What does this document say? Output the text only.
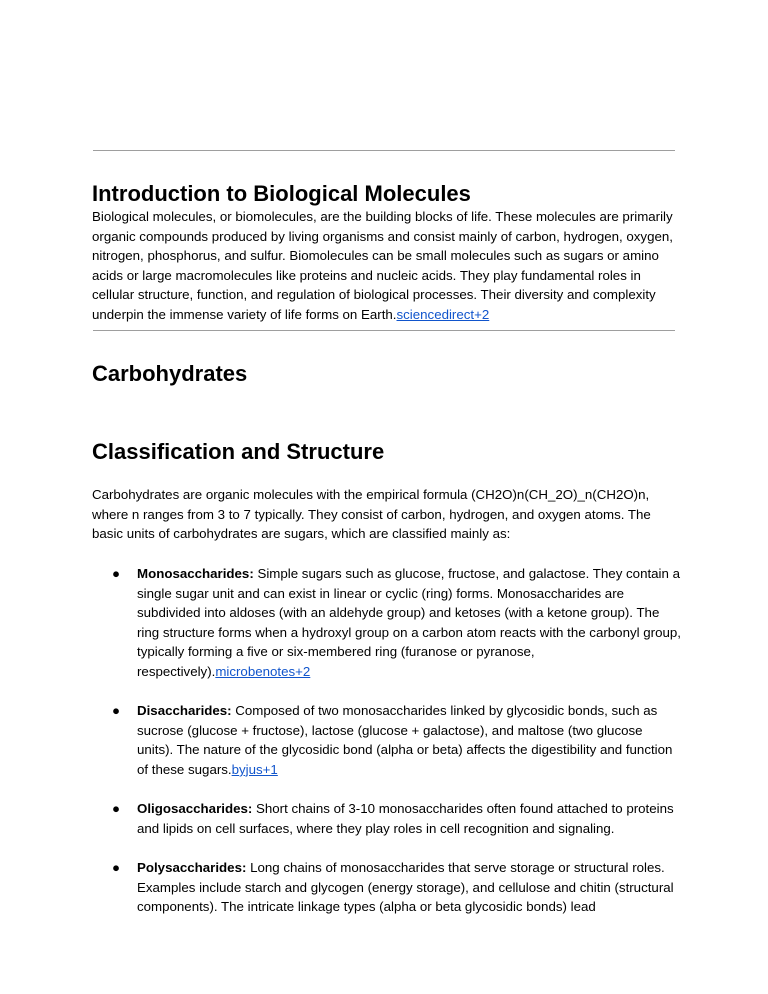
Introduction to Biological Molecules

Biological molecules, or biomolecules, are the building blocks of life. These molecules are primarily organic compounds produced by living organisms and consist mainly of carbon, hydrogen, oxygen, nitrogen, phosphorus, and sulfur. Biomolecules can be small molecules such as sugars or amino acids or large macromolecules like proteins and nucleic acids. They play fundamental roles in cellular structure, function, and regulation of biological processes. Their diversity and complexity underpin the immense variety of life forms on Earth.sciencedirect+2

Carbohydrates
Classification and Structure

Carbohydrates are organic molecules with the empirical formula (CH2O)n(CH_2O)_n(CH2O)n, where n ranges from 3 to 7 typically. They consist of carbon, hydrogen, and oxygen atoms. The basic units of carbohydrates are sugars, which are classified mainly as:

● Monosaccharides: Simple sugars such as glucose, fructose, and galactose. They contain a single sugar unit and can exist in linear or cyclic (ring) forms. Monosaccharides are subdivided into aldoses (with an aldehyde group) and ketoses (with a ketone group). The ring structure forms when a hydroxyl group on a carbon atom reacts with the carbonyl group, typically forming a five or six-membered ring (furanose or pyranose, respectively).microbenotes+2
● Disaccharides: Composed of two monosaccharides linked by glycosidic bonds, such as sucrose (glucose + fructose), lactose (glucose + galactose), and maltose (two glucose units). The nature of the glycosidic bond (alpha or beta) affects the digestibility and function of these sugars.byjus+1
● Oligosaccharides: Short chains of 3-10 monosaccharides often found attached to proteins and lipids on cell surfaces, where they play roles in cell recognition and signaling.
● Polysaccharides: Long chains of monosaccharides that serve storage or structural roles. Examples include starch and glycogen (energy storage), and cellulose and chitin (structural components). The intricate linkage types (alpha or beta glycosidic bonds) lead
